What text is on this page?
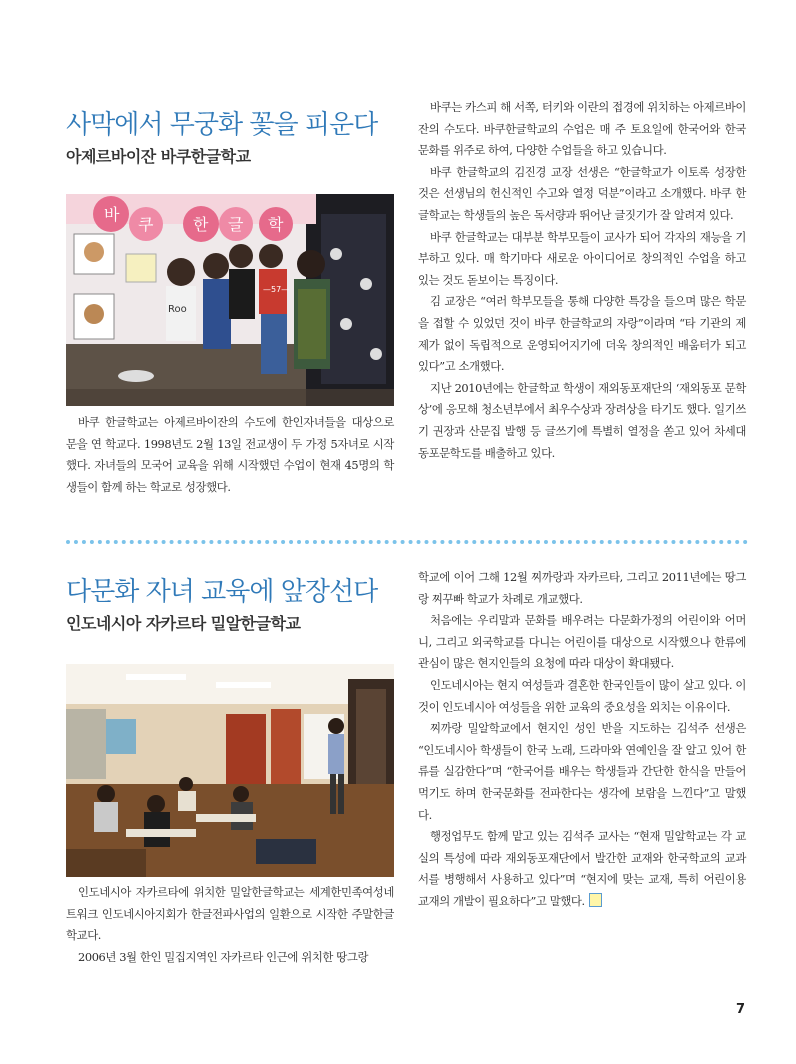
사막에서 무궁화 꽃을 피운다
아제르바이잔 바쿠한글학교
바
쿠 한 글 학
Roo
—57—

바쿠 한글학교는 아제르바이잔의 수도에 한인자녀들을 대상으로 문을 연 학교다. 1998년도 2월 13일 전교생이 두 가정 5자녀로 시작했다. 자녀들의 모국어 교육을 위해 시작했던 수업이 현재 45명의 학생들이 함께 하는 학교로 성장했다.

바쿠는 카스피 해 서쪽, 터키와 이란의 접경에 위치하는 아제르바이잔의 수도다. 바쿠한글학교의 수업은 매 주 토요일에 한국어와 한국 문화를 위주로 하여, 다양한 수업들을 하고 있습니다.

바쿠 한글학교의 김진경 교장 선생은 “한글학교가 이토록 성장한 것은 선생님의 헌신적인 수고와 열정 덕분”이라고 소개했다. 바쿠 한글학교는 학생들의 높은 독서량과 뛰어난 글짓기가 잘 알려져 있다.

바쿠 한글학교는 대부분 학부모들이 교사가 되어 각자의 재능을 기부하고 있다. 매 학기마다 새로운 아이디어로 창의적인 수업을 하고 있는 것도 돋보이는 특징이다.

김 교장은 “여러 학부모들을 통해 다양한 특강을 들으며 많은 학문을 접할 수 있었던 것이 바쿠 한글학교의 자랑”이라며 “타 기관의 제제가 없이 독립적으로 운영되어지기에 더욱 창의적인 배움터가 되고 있다”고 소개했다.

지난 2010년에는 한글학교 학생이 재외동포재단의 ‘재외동포 문학상’에 응모해 청소년부에서 최우수상과 장려상을 타기도 했다. 일기쓰기 권장과 산문집 발행 등 글쓰기에 특별히 열정을 쏟고 있어 차세대 동포문학도를 배출하고 있다.

다문화 자녀 교육에 앞장선다
인도네시아 자카르타 밀알한글학교

인도네시아 자카르타에 위치한 밀알한글학교는 세계한민족여성네트워크 인도네시아지회가 한글전파사업의 일환으로 시작한 주말한글학교다.

2006년 3월 한인 밀집지역인 자카르타 인근에 위치한 땅그랑

학교에 이어 그해 12월 찌까랑과 자카르타, 그리고 2011년에는 땅그랑 찌꾸빠 학교가 차례로 개교했다.

처음에는 우리말과 문화를 배우려는 다문화가정의 어린이와 어머니, 그리고 외국학교를 다니는 어린이를 대상으로 시작했으나 한류에 관심이 많은 현지인들의 요청에 따라 대상이 확대됐다.

인도네시아는 현지 여성들과 결혼한 한국인들이 많이 살고 있다. 이것이 인도네시아 여성들을 위한 교육의 중요성을 외치는 이유이다.

찌까랑 밀알학교에서 현지인 성인 반을 지도하는 김석주 선생은 “인도네시아 학생들이 한국 노래, 드라마와 연예인을 잘 알고 있어 한류를 실감한다”며 “한국어를 배우는 학생들과 간단한 한식을 만들어 먹기도 하며 한국문화를 전파한다는 생각에 보람을 느낀다”고 말했다.

행정업무도 함께 맡고 있는 김석주 교사는 “현재 밀알학교는 각 교실의 특성에 따라 재외동포재단에서 발간한 교재와 한국학교의 교과서를 병행해서 사용하고 있다”며 “현지에 맞는 교재, 특히 어린이용 교재의 개발이 필요하다”고 말했다.

7
